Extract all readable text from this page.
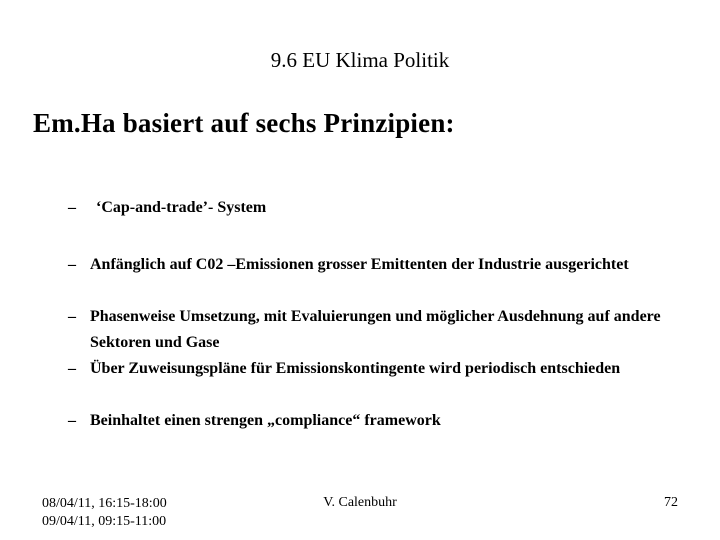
9.6 EU Klima Politik
Em.Ha basiert auf sechs Prinzipien:
–	‘Cap-and-trade’- System
– Anfänglich auf C02 –Emissionen grosser Emittenten der Industrie ausgerichtet
– Phasenweise Umsetzung, mit Evaluierungen und möglicher Ausdehnung auf andere Sektoren und Gase
– Über Zuweisungspläne für Emissionskontingente wird periodisch entschieden
– Beinhaltet einen strengen „compliance“ framework
08/04/11, 16:15-18:00
09/04/11, 09:15-11:00
V. Calenbuhr	72
